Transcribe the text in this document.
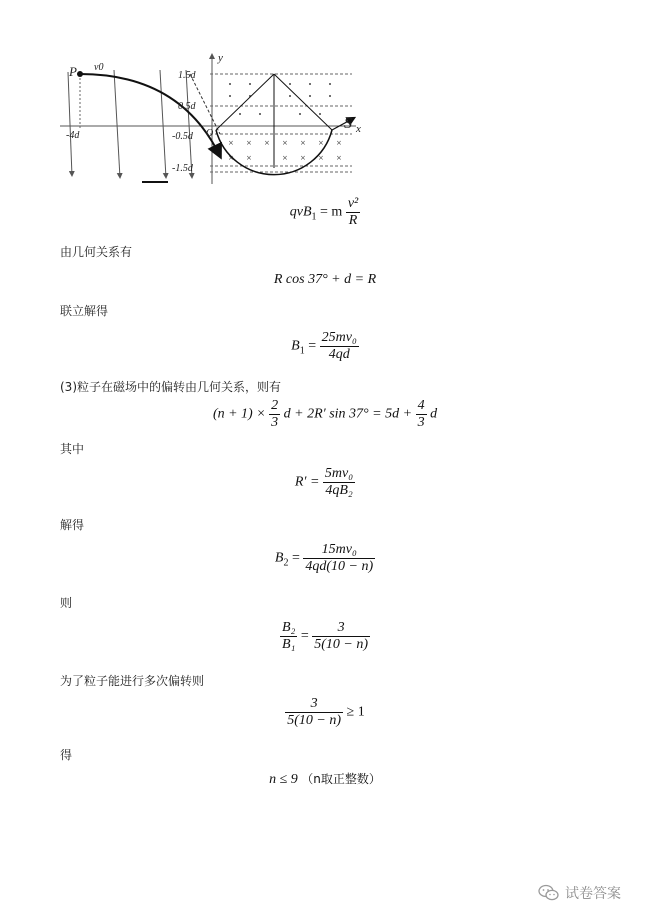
× × × × × × ×
× ×	× × × ×
P v0
y
x
S
O
1.5d
0.5d
-4d	-0.5d
-1.5d
qvB$_1$ = m $\frac{\text{v²}}{R}$
由几何关系有
R cos 37° + d = R
联立解得
$B_1 = \frac{\text{25mv₀}}{4qd}$
(3)粒子在磁场中的偏转由几何关系，则有
$(n + 1) \times \frac{2}{3}$ d + 2R′ $\sin 37^\circ = 5d + \frac{4}{3}$ d
其中
$R' = \frac{\text{5mv₀}}{\text{4qB₂}}$
解得
$B_2 = \frac{\text{15mv₀}}{4qd(10 - n)}$
则
$\frac{\text{B₂}}{\text{B₁}} = \frac{3}{5(10 - n)}$
为了粒子能进行多次偏转则
$\frac{3}{5(10 - n)} \ge 1$
得
n ≤ 9 （n取正整数）
试卷答案
